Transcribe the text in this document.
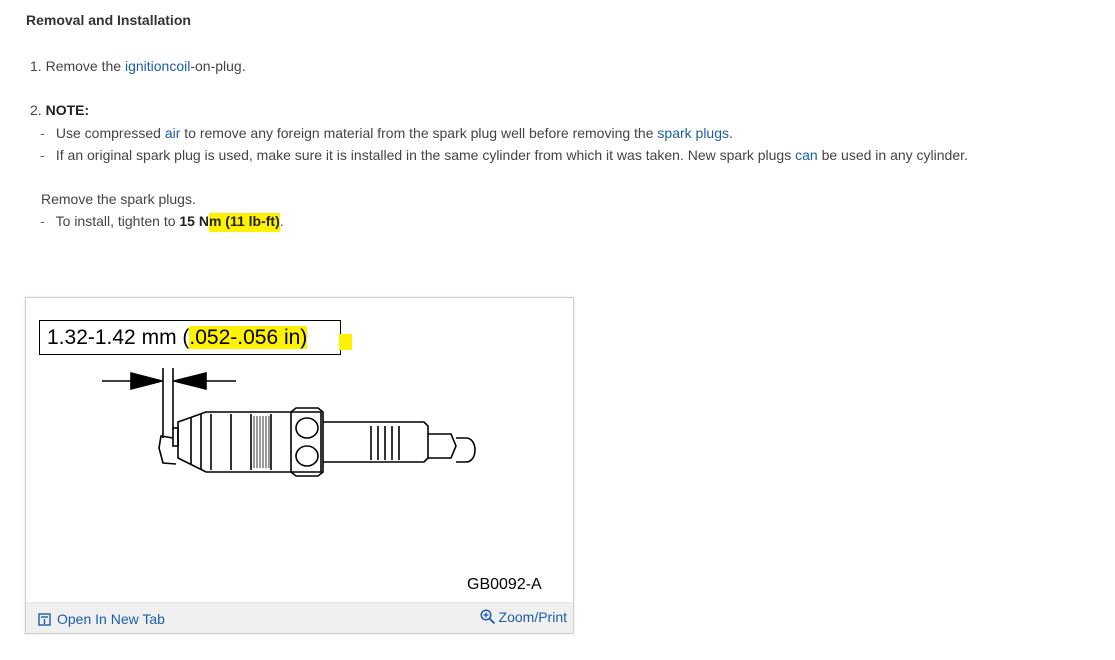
Removal and Installation
1. Remove the ignitioncoil-on-plug.
2. NOTE:
- Use compressed air to remove any foreign material from the spark plug well before removing the spark plugs.
- If an original spark plug is used, make sure it is installed in the same cylinder from which it was taken. New spark plugs can be used in any cylinder.
Remove the spark plugs.
- To install, tighten to 15 Nm (11 lb-ft).
1.32-1.42 mm (.052-.056 in)
GB0092-A
Open In New Tab	Zoom/Print
